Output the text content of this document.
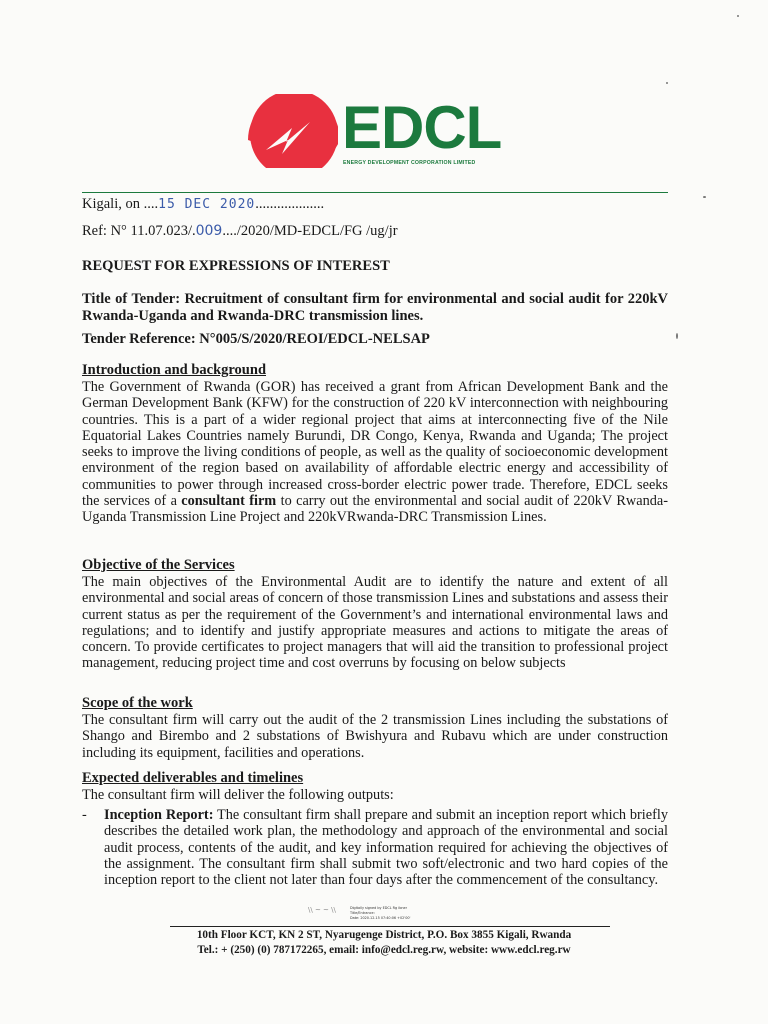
EDCL
ENERGY DEVELOPMENT CORPORATION LIMITED
Kigali, on ....15 DEC 2020...................
Ref: N° 11.07.023/.009..../2020/MD-EDCL/FG /ug/jr
REQUEST FOR EXPRESSIONS OF INTEREST
Title of Tender: Recruitment of consultant firm for environmental and social audit for 220kV Rwanda-Uganda and Rwanda-DRC transmission lines.
Tender Reference: N°005/S/2020/REOI/EDCL-NELSAP
Introduction and background
The Government of Rwanda (GOR) has received a grant from African Development Bank and the German Development Bank (KFW) for the construction of 220 kV interconnection with neighbouring countries. This is a part of a wider regional project that aims at interconnecting five of the Nile Equatorial Lakes Countries namely Burundi, DR Congo, Kenya, Rwanda and Uganda; The project seeks to improve the living conditions of people, as well as the quality of socioeconomic development environment of the region based on availability of affordable electric energy and accessibility of communities to power through increased cross-border electric power trade. Therefore, EDCL seeks the services of a consultant firm to carry out the environmental and social audit of 220kV Rwanda-Uganda Transmission Line Project and 220kVRwanda-DRC Transmission Lines.
Objective of the Services
The main objectives of the Environmental Audit are to identify the nature and extent of all environmental and social areas of concern of those transmission Lines and substations and assess their current status as per the requirement of the Government’s and international environmental laws and regulations; and to identify and justify appropriate measures and actions to mitigate the areas of concern. To provide certificates to project managers that will aid the transition to professional project management, reducing project time and cost overruns by focusing on below subjects
Scope of the work
The consultant firm will carry out the audit of the 2 transmission Lines including the substations of Shango and Birembo and 2 substations of Bwishyura and Rubavu which are under construction including its equipment, facilities and operations.
Expected deliverables and timelines
The consultant firm will deliver the following outputs:
- Inception Report: The consultant firm shall prepare and submit an inception report which briefly describes the detailed work plan, the methodology and approach of the environmental and social audit process, contents of the audit, and key information required for achieving the objectives of the assignment. The consultant firm shall submit two soft/electronic and two hard copies of the inception report to the client not later than four days after the commencement of the consultancy.
\\ ~ ~ \\	Digitally signed by EDCL Rg ibner
Title/Entrance:
Date: 2020.12.15 07:40:06 +02'00'
10th Floor KCT, KN 2 ST, Nyarugenge District, P.O. Box 3855 Kigali, Rwanda
Tel.: + (250) (0) 787172265, email: info@edcl.reg.rw, website: www.edcl.reg.rw
